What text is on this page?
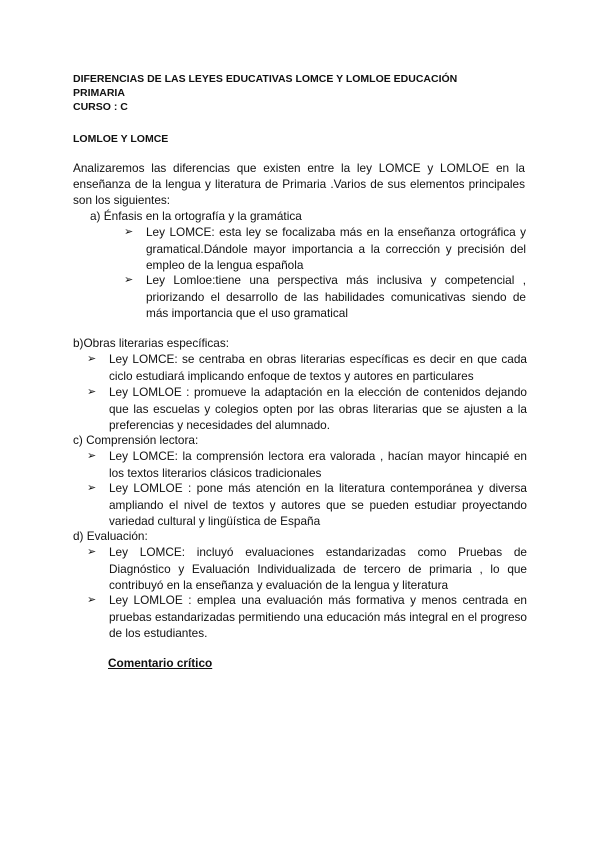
DIFERENCIAS DE LAS LEYES EDUCATIVAS LOMCE Y LOMLOE EDUCACIÓN
PRIMARIA
CURSO : C
LOMLOE Y LOMCE
Analizaremos las diferencias que existen entre la ley LOMCE y LOMLOE en la enseñanza de la lengua y literatura de Primaria .Varios de sus elementos principales son los siguientes:
a) Énfasis en la ortografía y la gramática
➢ Ley LOMCE: esta ley se focalizaba más en la enseñanza ortográfica y gramatical.Dándole mayor importancia a la corrección y precisión del empleo de la lengua española
➢ Ley Lomloe:tiene una perspectiva más inclusiva y competencial , priorizando el desarrollo de las habilidades comunicativas siendo de más importancia que el uso gramatical
b)Obras literarias específicas:
➢ Ley LOMCE: se centraba en obras literarias específicas es decir en que cada ciclo estudiará implicando enfoque de textos y autores en particulares
➢ Ley LOMLOE : promueve la adaptación en la elección de contenidos dejando que las escuelas y colegios opten por las obras literarias que se ajusten a la preferencias y necesidades del alumnado.
c) Comprensión lectora:
➢ Ley LOMCE: la comprensión lectora era valorada , hacían mayor hincapié en los textos literarios clásicos tradicionales
➢ Ley LOMLOE : pone más atención en la literatura contemporánea y diversa ampliando el nivel de textos y autores que se pueden estudiar proyectando variedad cultural y lingüística de España
d) Evaluación:
➢ Ley LOMCE: incluyó evaluaciones estandarizadas como Pruebas de Diagnóstico y Evaluación Individualizada de tercero de primaria , lo que contribuyó en la enseñanza y evaluación de la lengua y literatura
➢ Ley LOMLOE : emplea una evaluación más formativa y menos centrada en pruebas estandarizadas permitiendo una educación más integral en el progreso de los estudiantes.
Comentario crítico
